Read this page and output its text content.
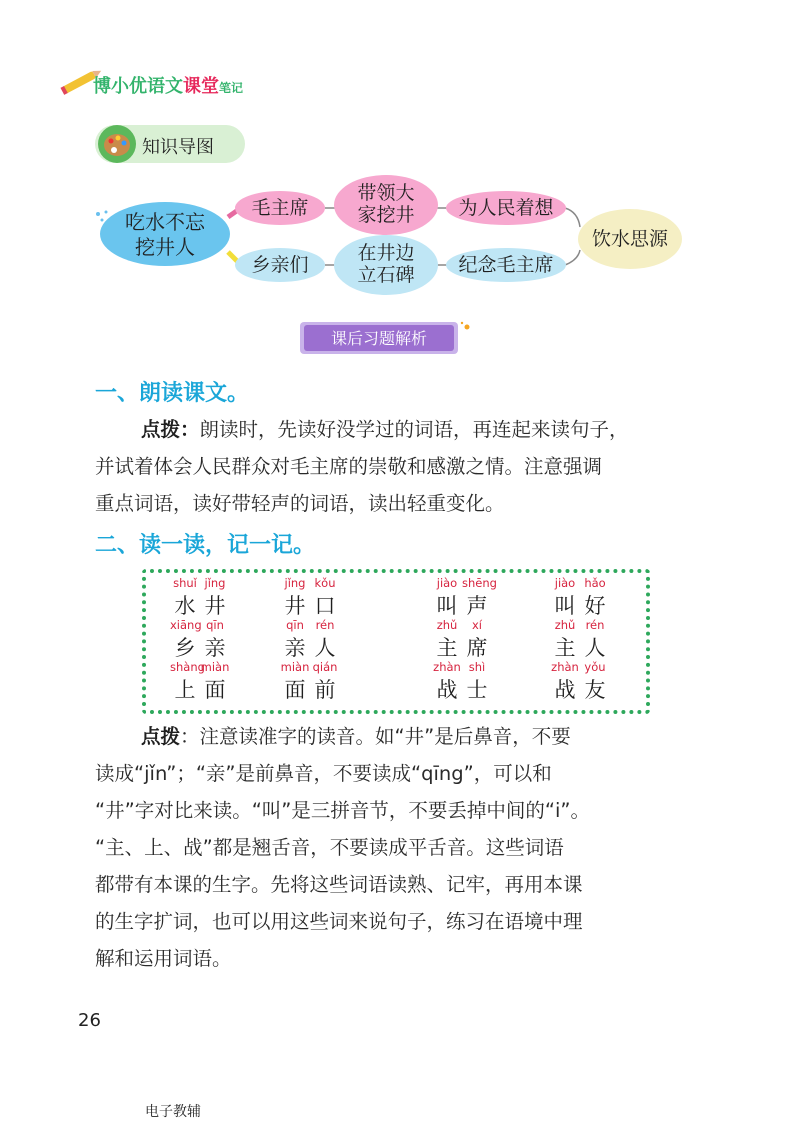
博小优语文课堂笔记
知识导图
吃水不忘
挖井人
毛主席
带领大
家挖井	为人民着想
乡亲们
在井边
立石碑	纪念毛主席
饮水思源
课后习题解析
一、朗读课文。
点拨：朗读时，先读好没学过的词语，再连起来读句子，
并试着体会人民群众对毛主席的崇敬和感激之情。注意强调
重点词语，读好带轻声的词语，读出轻重变化。
二、读一读，记一记。
shuǐ
水
jǐng
井
jǐng
井
kǒu
口
jiào
叫
shēng
声
jiào
叫
hǎo
好
xiāng
乡
qīn
亲
qīn
亲
rén
人
zhǔ
主
xí
席
zhǔ
主
rén
人
shàng
上
miàn
面
miàn
面
qián
前
zhàn
战
shì
士
zhàn
战
yǒu
友
点拨：注意读准字的读音。如“井”是后鼻音，不要
读成“jǐn”；“亲”是前鼻音，不要读成“qīng”，可以和
“井”字对比来读。“叫”是三拼音节，不要丢掉中间的“i”。
“主、上、战”都是翘舌音，不要读成平舌音。这些词语
都带有本课的生字。先将这些词语读熟、记牢，再用本课
的生字扩词，也可以用这些词来说句子，练习在语境中理
解和运用词语。
26
电子教辅
